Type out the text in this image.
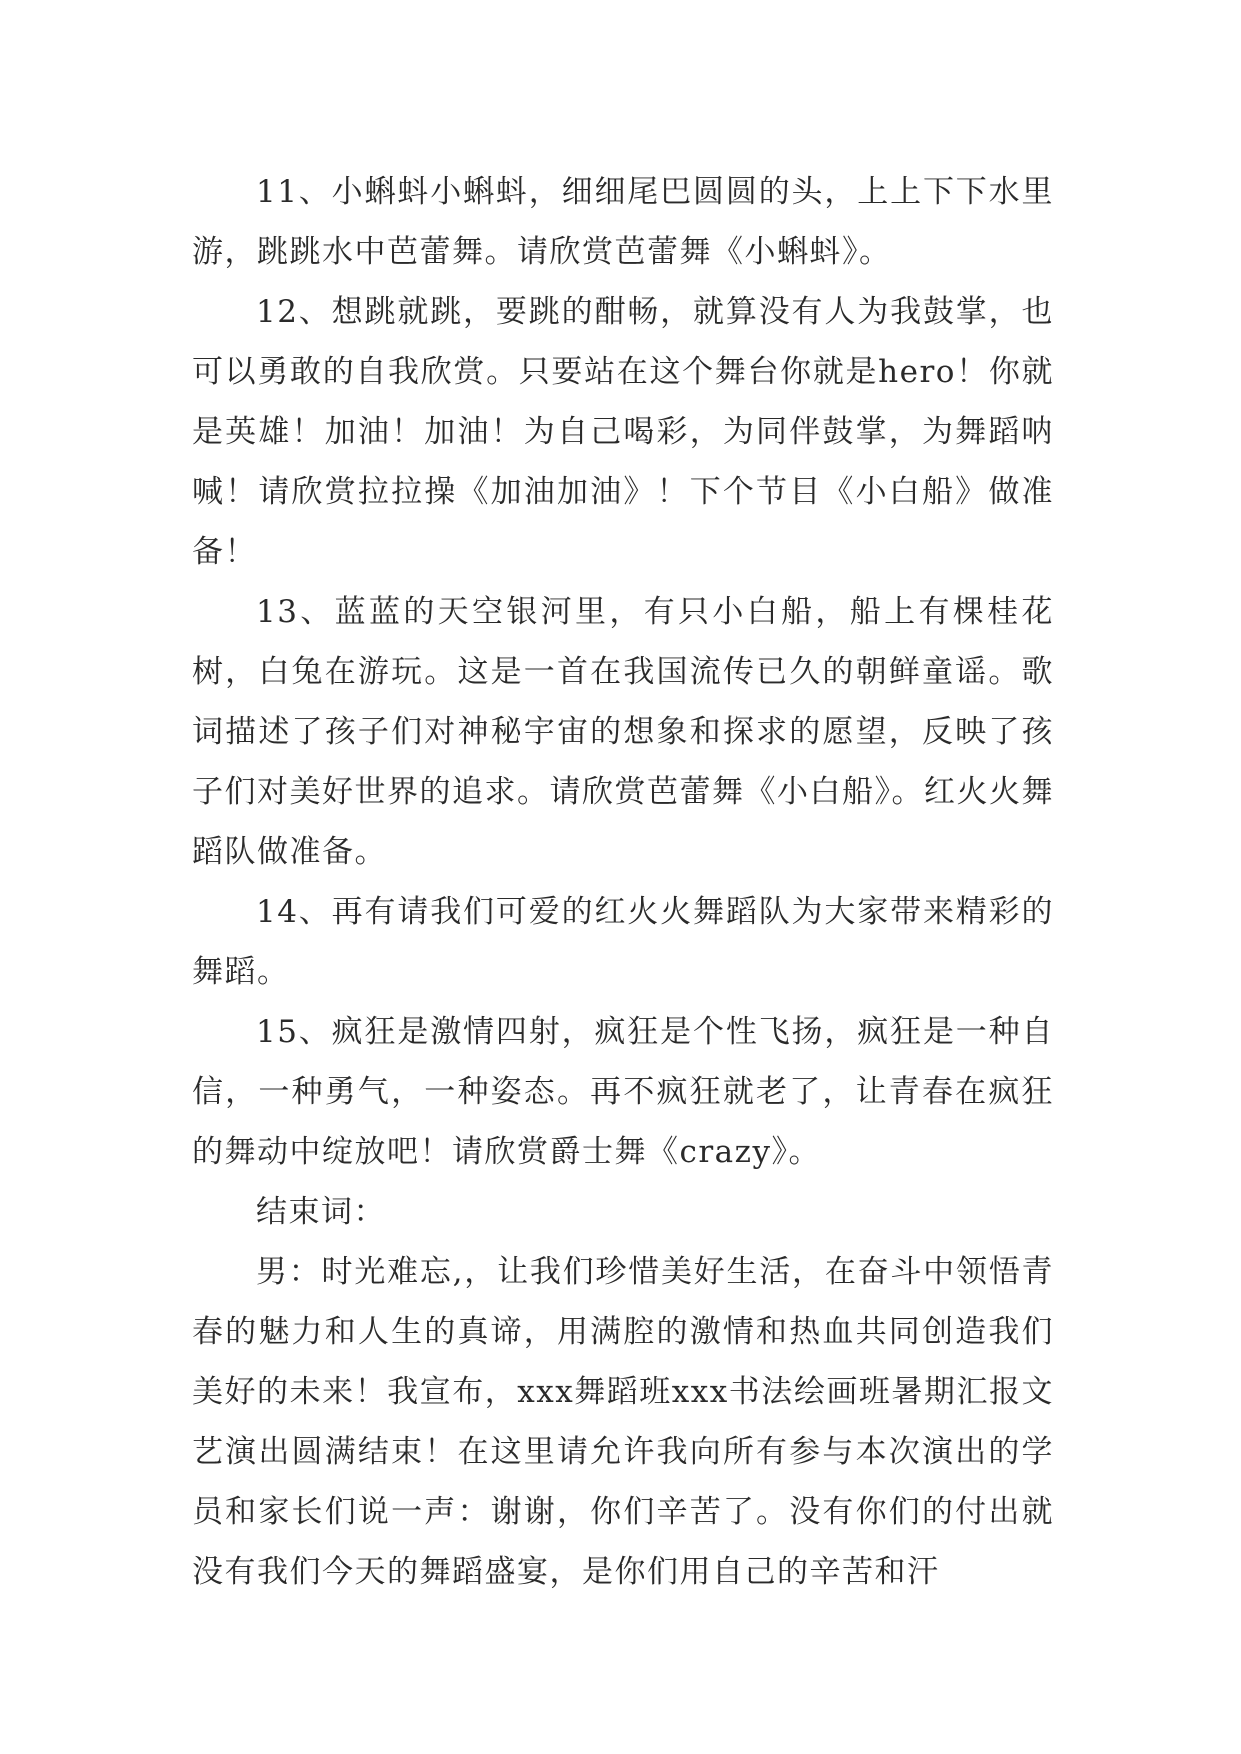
11、小蝌蚪小蝌蚪，细细尾巴圆圆的头，上上下下水里游，跳跳水中芭蕾舞。请欣赏芭蕾舞《小蝌蚪》。

12、想跳就跳，要跳的酣畅，就算没有人为我鼓掌，也可以勇敢的自我欣赏。只要站在这个舞台你就是hero！你就是英雄！加油！加油！为自己喝彩，为同伴鼓掌，为舞蹈呐喊！请欣赏拉拉操《加油加油》！下个节目《小白船》做准备！

13、蓝蓝的天空银河里，有只小白船，船上有棵桂花树，白兔在游玩。这是一首在我国流传已久的朝鲜童谣。歌词描述了孩子们对神秘宇宙的想象和探求的愿望，反映了孩子们对美好世界的追求。请欣赏芭蕾舞《小白船》。红火火舞蹈队做准备。

14、再有请我们可爱的红火火舞蹈队为大家带来精彩的舞蹈。

15、疯狂是激情四射，疯狂是个性飞扬，疯狂是一种自信，一种勇气，一种姿态。再不疯狂就老了，让青春在疯狂的舞动中绽放吧！请欣赏爵士舞《crazy》。

结束词：

男：时光难忘,，让我们珍惜美好生活，在奋斗中领悟青春的魅力和人生的真谛，用满腔的激情和热血共同创造我们美好的未来！我宣布，xxx舞蹈班xxx书法绘画班暑期汇报文艺演出圆满结束！在这里请允许我向所有参与本次演出的学员和家长们说一声：谢谢，你们辛苦了。没有你们的付出就没有我们今天的舞蹈盛宴，是你们用自己的辛苦和汗
